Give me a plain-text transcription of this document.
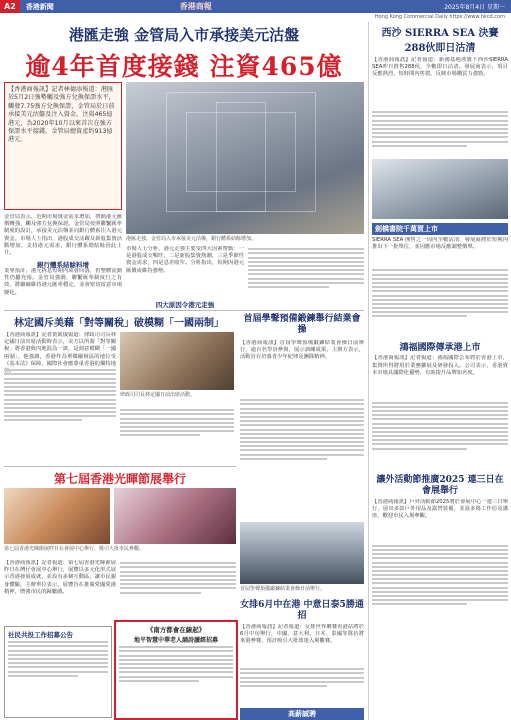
A2	香港新聞	香港商報	2025年8月4日 星期一
Hong Kong Commercial Daily https://www.hkcd.com
港匯走強 金管局入市承接美元沽盤
逾4年首度接錢 注資465億
【香港商報訊】記者林德添報道：港匯於5月2日強勢觸及強方兌換保證水平，觸發7.75強方兌換保證，金管局於日前承接美元沽盤及注入資金，注資465億港元，為2020年10月以來首次在強方保證水平接錢。金管局總資產約913億港元。
港匯走強，金管局入市承接美元沽盤，銀行體系結餘增加。
金管局表示，近期市場資金需求增加，帶動港元匯價轉強，觸及強方兌換保證。金管局按照聯繫匯率制度的設計，承接美元沽盤並向銀行體系注入港元資金。市場人士指出，港股成交活躍及新股集資活動增加，支持港元需求，銀行體系總結餘因此上升。
銀行體系結餘料增
業界預計，港元拆息短期內或會回落，但整體流動性仍屬充裕。金管局強調，聯繫匯率制度行之有效，將繼續維持港元匯率穩定，並會密切留意市場變化。
四大原因令港元走強
市場人士分析，港元走強主要受四大因素帶動：一是港股成交暢旺，二是新股集資熱潮，三是季節性資金需求，四是息差收窄。分析指出，短期內港元匯價或維持強勢。
林定國斥美藉「對等關稅」破模糊「一國兩制」
【香港商報訊】記者黃凱儀報道：律政司司長林定國日前出席活動時表示，美方以所謂「對等關稅」將香港與內地混為一談，是刻意模糊「一國兩制」。他強調，香港作為單獨關稅區的地位受《基本法》保障，國際社會應尊重香港的獨特地
律政司司長林定國日前出席活動。
首屆學聲預備鍛鍊舉行結業會操
【香港商報訊】首屆學聲預備鍛鍊結業會操日前舉行，逾百名學員參與，展示訓練成果。主辦方表示，活動旨在培養青少年紀律及團隊精神。
第七屆香港光暉節展舉行
第七屆香港光暉節展昨日在會展中心舉行，吸引大批市民參觀。
【香港商報訊】記者報道：第七屆香港光暉節展昨日在灣仔會展中心舉行，展覽以多元化形式展示香港發展成就，並設有多個互動區，讓市民親身體驗。主辦單位表示，展覽旨在推廣愛國愛港精神，增強市民的歸屬感。	首屆學聲預備鍛鍊結業會操日前舉行。
女排6月中在港 中意日泰5勝通招
【香港商報訊】記者報道：女排世界聯賽香港站將於6月中旬舉行，中國、意大利、日本、泰國等隊伍將來港參賽，預計吸引大批球迷入場觀賽。
社民共投工作招募公告
《南方都會在線起》
地平智慧中華老人誦詩讀經招募
高薪誠聘
西沙 SIERRA SEA 決賽288伙即日沽清
【香港商報訊】記者報道：新鴻基地產旗下西沙SIERRA SEA昨日推售288伙，全數即日沽清。發展商表示，項目反應熱烈，短時間內售罄，反映市場購買力強勁。
劍橋書院千萬賀上市
SIERRA SEA 開售之一周內全數沽清，發展商將於短期內推出下一批單位，並因應市場反應調整價單。
鴻福國際傳承港上市
【香港商報訊】記者報道：鴻福國際公布將於香港上市，集資所得將用於業務擴展及研發投入。公司表示，香港資本市場具國際化優勢，有助提升品牌知名度。
讓外活動節推廣2025 連三日在會展舉行
【香港商報訊】戶外活動節2025將於會展中心一連三日舉行，展出多款戶外用品及露營裝備，並設多場工作坊及講座，歡迎市民入場參觀。
